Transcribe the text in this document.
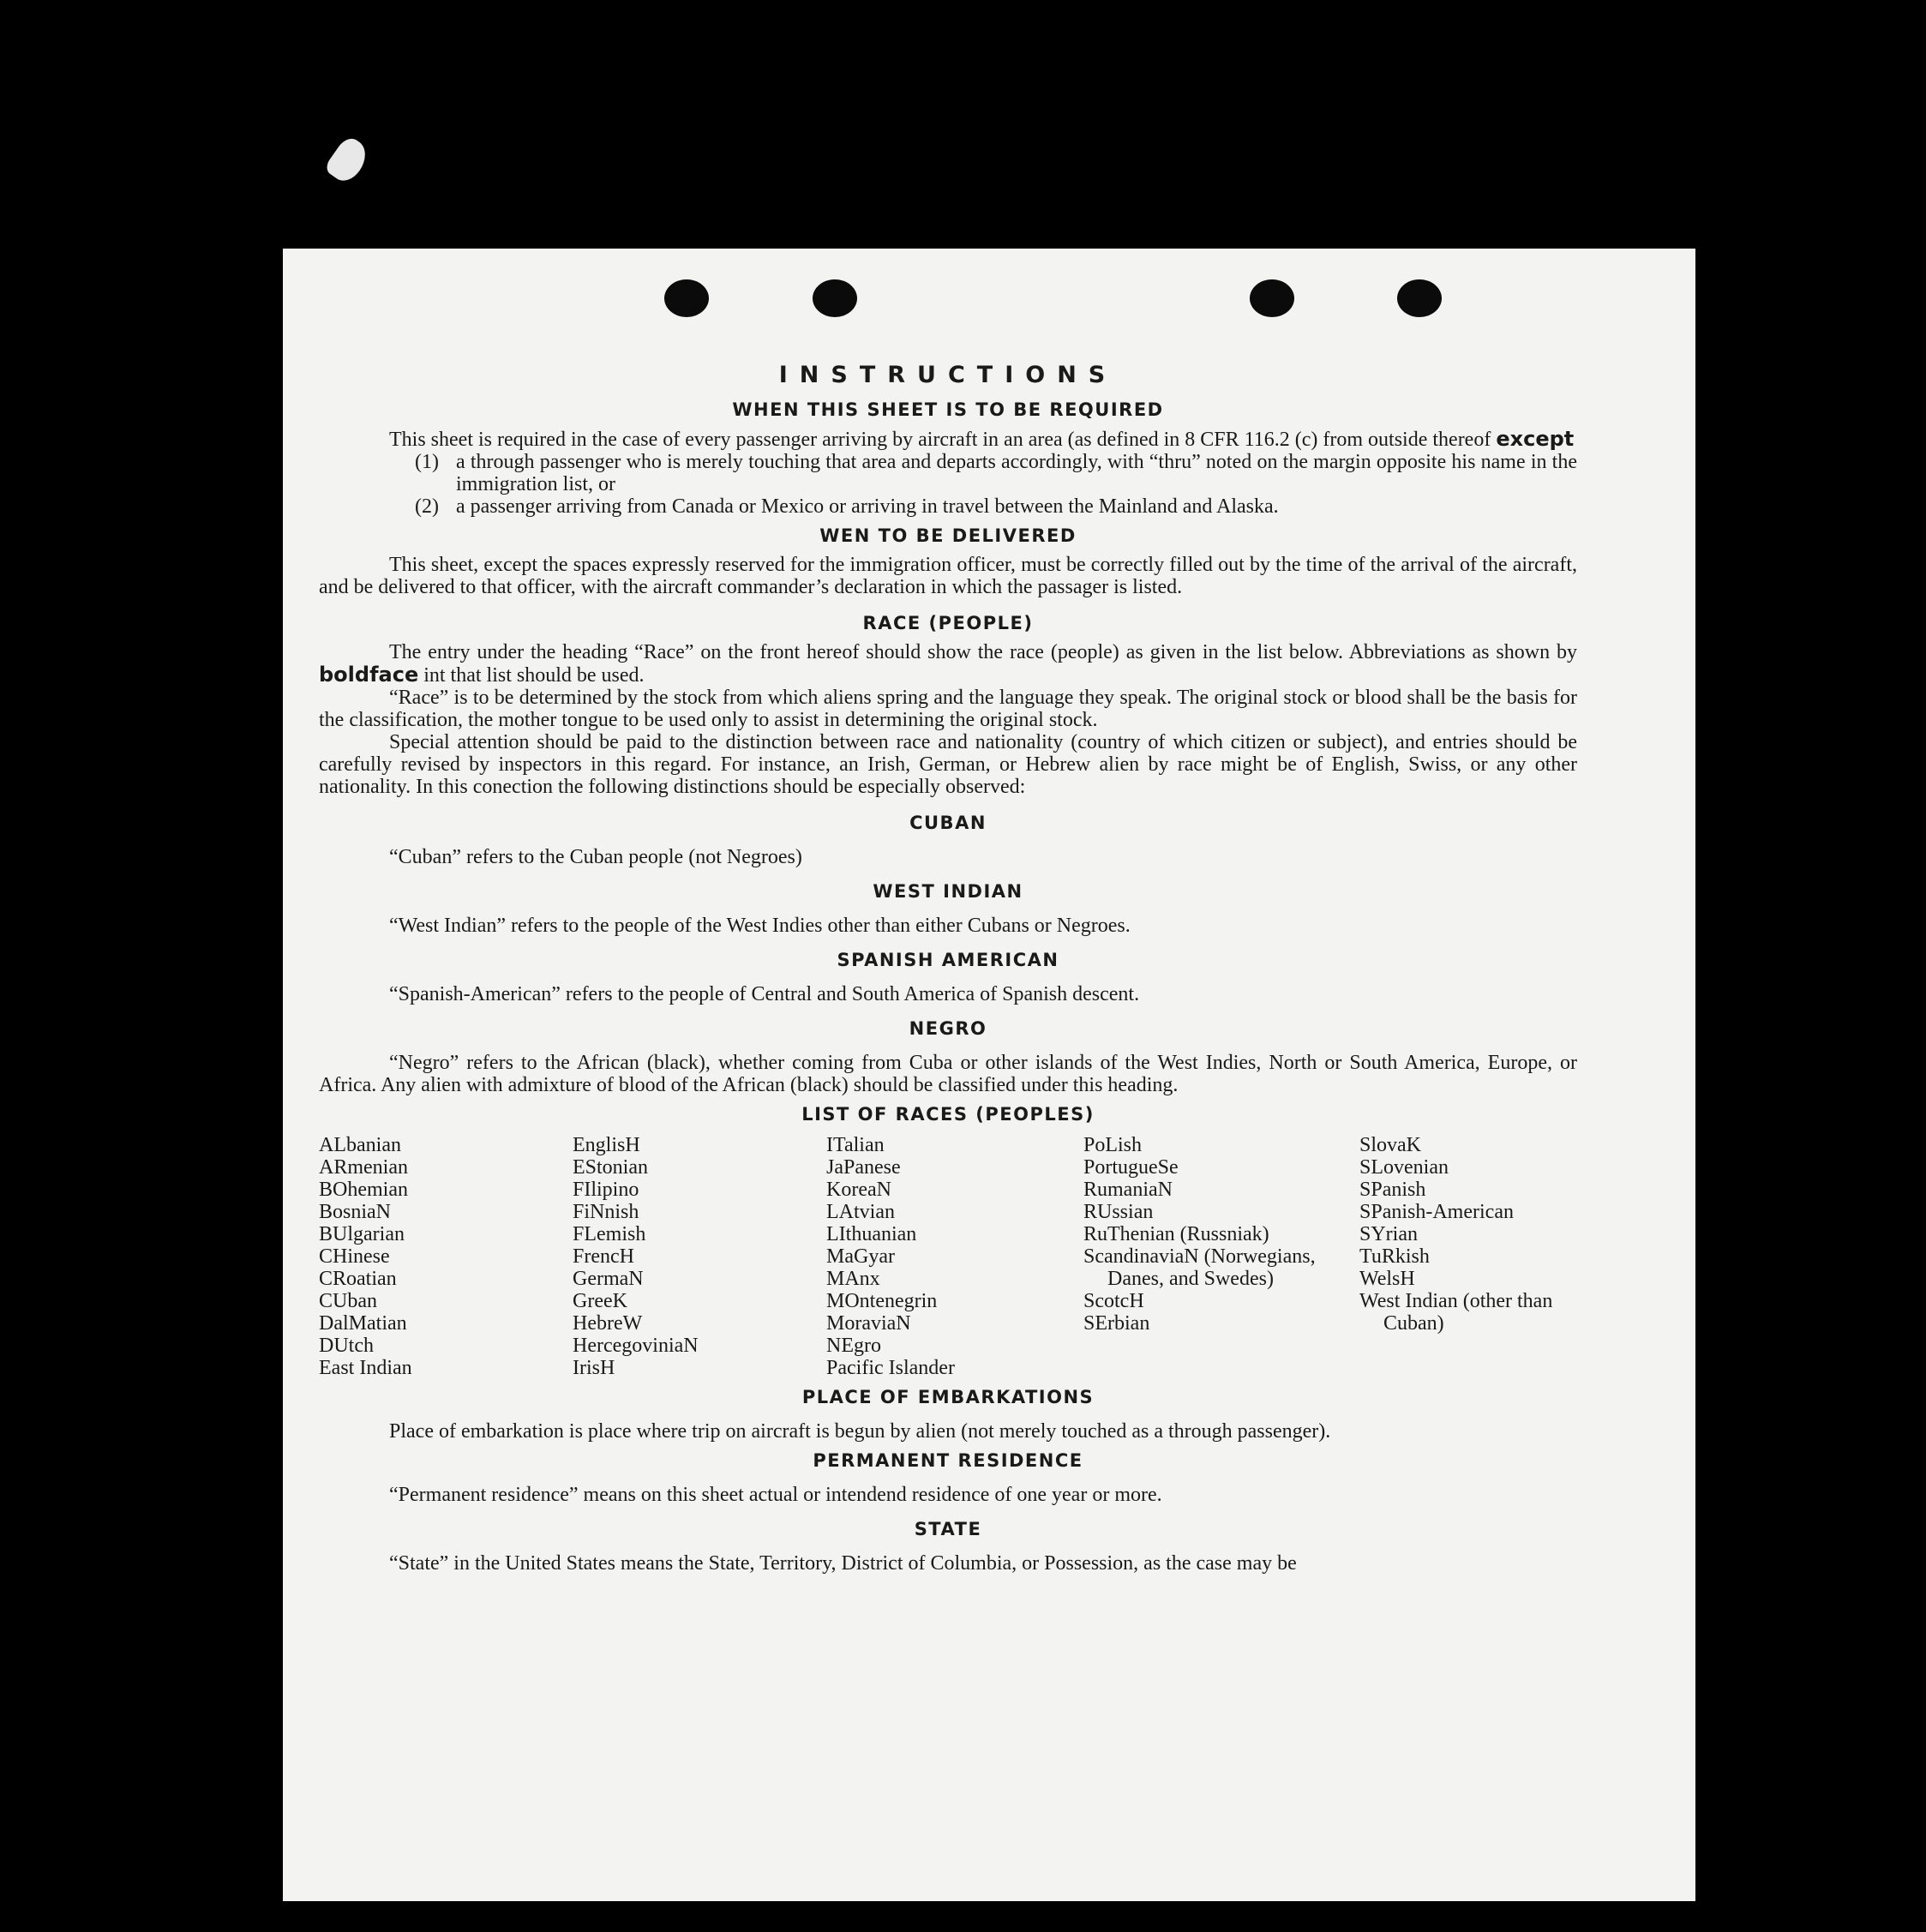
INSTRUCTIONS
WHEN THIS SHEET IS TO BE REQUIRED

This sheet is required in the case of every passenger arriving by aircraft in an area (as defined in 8 CFR 116.2 (c) from outside thereof except

(1) a through passenger who is merely touching that area and departs accordingly, with “thru” noted on the margin opposite his name in the immigration list, or
(2) a passenger arriving from Canada or Mexico or arriving in travel between the Mainland and Alaska.
WEN TO BE DELIVERED

This sheet, except the spaces expressly reserved for the immigration officer, must be correctly filled out by the time of the arrival of the aircraft, and be delivered to that officer, with the aircraft commander’s declaration in which the passager is listed.

RACE (PEOPLE)

The entry under the heading “Race” on the front hereof should show the race (people) as given in the list below. Abbreviations as shown by boldface int that list should be used.

“Race” is to be determined by the stock from which aliens spring and the language they speak. The original stock or blood shall be the basis for the classification, the mother tongue to be used only to assist in determining the original stock.

Special attention should be paid to the distinction between race and nationality (country of which citizen or subject), and entries should be carefully revised by inspectors in this regard. For instance, an Irish, German, or Hebrew alien by race might be of English, Swiss, or any other nationality. In this conection the following distinctions should be especially observed:

CUBAN

“Cuban” refers to the Cuban people (not Negroes)

WEST INDIAN

“West Indian” refers to the people of the West Indies other than either Cubans or Negroes.

SPANISH AMERICAN

“Spanish-American” refers to the people of Central and South America of Spanish descent.

NEGRO

“Negro” refers to the African (black), whether coming from Cuba or other islands of the West Indies, North or South America, Europe, or Africa. Any alien with admixture of blood of the African (black) should be classified under this heading.

LIST OF RACES (PEOPLES)
ALbanian
ARmenian
BOhemian
BosniaN
BUlgarian
CHinese
CRoatian
CUban
DalMatian
DUtch
East Indian
EnglisH
EStonian
FIlipino
FiNnish
FLemish
FrencH
GermaN
GreeK
HebreW
HercegoviniaN
IrisH
ITalian
JaPanese
KoreaN
LAtvian
LIthuanian
MaGyar
MAnx
MOntenegrin
MoraviaN
NEgro
Pacific Islander
PoLish
PortugueSe
RumaniaN
RUssian
RuThenian (Russniak)
ScandinaviaN (Norwegians, Danes, and Swedes)
ScotcH
SErbian
SlovaK
SLovenian
SPanish
SPanish-American
SYrian
TuRkish
WelsH
West Indian (other than Cuban)
PLACE OF EMBARKATIONS

Place of embarkation is place where trip on aircraft is begun by alien (not merely touched as a through passenger).

PERMANENT RESIDENCE

“Permanent residence” means on this sheet actual or intendend residence of one year or more.

STATE

“State” in the United States means the State, Territory, District of Columbia, or Possession, as the case may be
